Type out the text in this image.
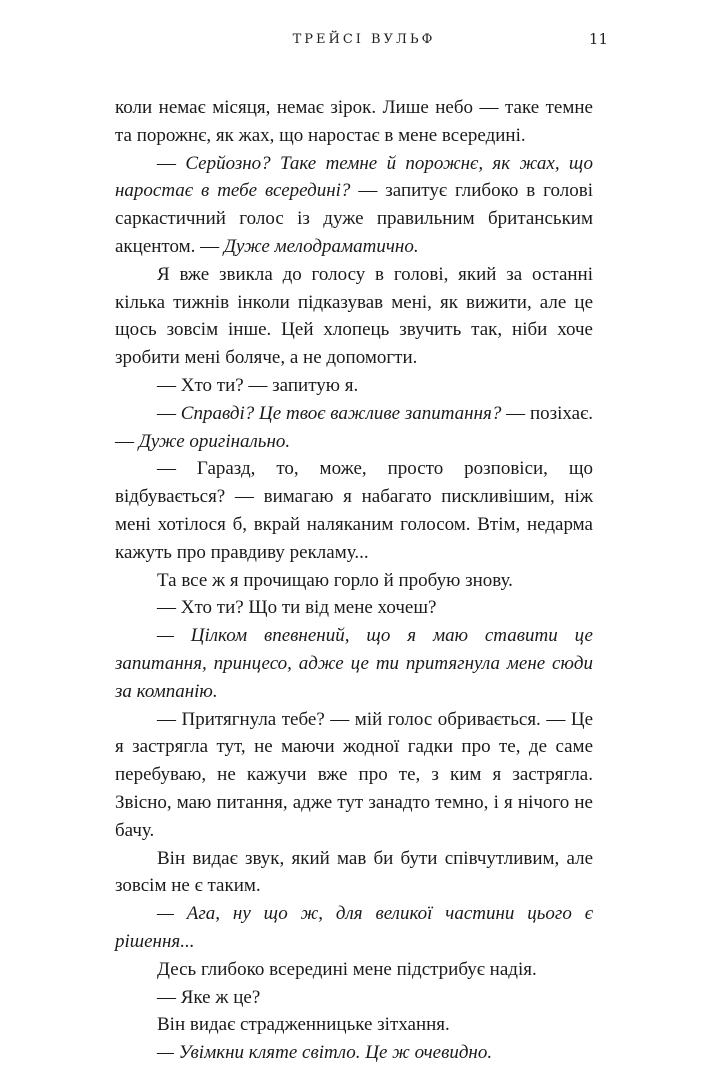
ТРЕЙСІ ВУЛЬФ	11

коли немає місяця, немає зірок. Лише небо — таке темне та порожнє, як жах, що наростає в мене всередині.

— Серйозно? Таке темне й порожнє, як жах, що наростає в тебе всередині? — запитує глибоко в голові саркастичний голос із дуже правильним британським акцентом. — Дуже мелодраматично.

Я вже звикла до голосу в голові, який за останні кілька тижнів інколи підказував мені, як вижити, але це щось зовсім інше. Цей хлопець звучить так, ніби хоче зробити мені боляче, а не допомогти.

— Хто ти? — запитую я.

— Справді? Це твоє важливе запитання? — позіхає. — Дуже оригінально.

— Гаразд, то, може, просто розповіси, що відбувається? — вимагаю я набагато пискливішим, ніж мені хотілося б, вкрай наляканим голосом. Втім, недарма кажуть про правдиву рекламу...

Та все ж я прочищаю горло й пробую знову.

— Хто ти? Що ти від мене хочеш?

— Цілком впевнений, що я маю ставити це запитання, принцесо, адже це ти притягнула мене сюди за компанію.

— Притягнула тебе? — мій голос обривається. — Це я застрягла тут, не маючи жодної гадки про те, де саме перебуваю, не кажучи вже про те, з ким я застрягла. Звісно, маю питання, адже тут занадто темно, і я нічого не бачу.

Він видає звук, який мав би бути співчутливим, але зовсім не є таким.

— Ага, ну що ж, для великої частини цього є рішення...

Десь глибоко всередині мене підстрибує надія.

— Яке ж це?

Він видає страдженницьке зітхання.

— Увімкни кляте світло. Це ж очевидно.
